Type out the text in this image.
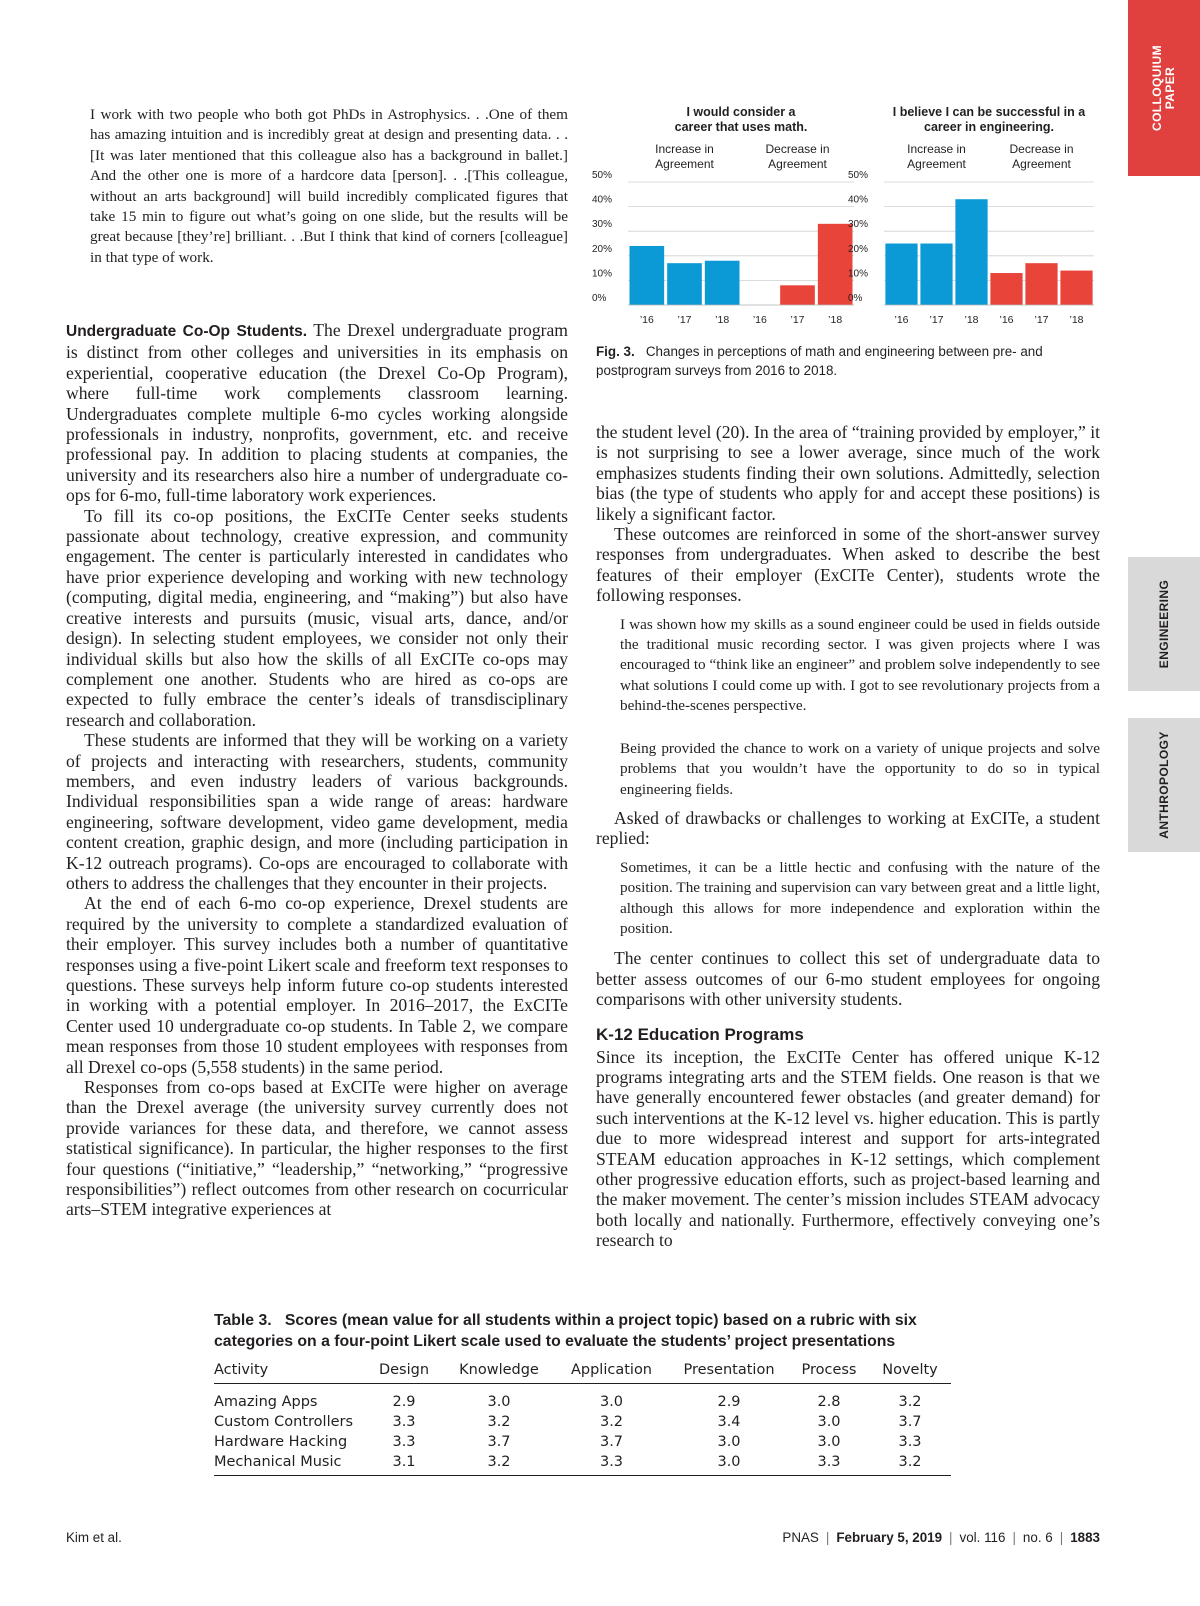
COLLOQUIUM
PAPER
ENGINEERING
ANTHROPOLOGY

I work with two people who both got PhDs in Astrophysics. . .One of them has amazing intuition and is incredibly great at design and presenting data. . .[It was later mentioned that this colleague also has a background in ballet.] And the other one is more of a hardcore data [person]. . .[This colleague, without an arts background] will build incredibly complicated figures that take 15 min to figure out what’s going on one slide, but the results will be great because [they’re] brilliant. . .But I think that kind of corners [colleague] in that type of work.

Undergraduate Co-Op Students. The Drexel undergraduate program is distinct from other colleges and universities in its emphasis on experiential, cooperative education (the Drexel Co-Op Program), where full-time work complements classroom learning. Undergraduates complete multiple 6-mo cycles working alongside professionals in industry, nonprofits, government, etc. and receive professional pay. In addition to placing students at companies, the university and its researchers also hire a number of undergraduate co-ops for 6-mo, full-time laboratory work experiences.

To fill its co-op positions, the ExCITe Center seeks students passionate about technology, creative expression, and community engagement. The center is particularly interested in candidates who have prior experience developing and working with new technology (computing, digital media, engineering, and “making”) but also have creative interests and pursuits (music, visual arts, dance, and/or design). In selecting student employees, we consider not only their individual skills but also how the skills of all ExCITe co-ops may complement one another. Students who are hired as co-ops are expected to fully embrace the center’s ideals of transdisciplinary research and collaboration.

These students are informed that they will be working on a variety of projects and interacting with researchers, students, community members, and even industry leaders of various backgrounds. Individual responsibilities span a wide range of areas: hardware engineering, software development, video game development, media content creation, graphic design, and more (including participation in K-12 outreach programs). Co-ops are encouraged to collaborate with others to address the challenges that they encounter in their projects.

At the end of each 6-mo co-op experience, Drexel students are required by the university to complete a standardized evaluation of their employer. This survey includes both a number of quantitative responses using a five-point Likert scale and freeform text responses to questions. These surveys help inform future co-op students interested in working with a potential employer. In 2016–2017, the ExCITe Center used 10 undergraduate co-op students. In Table 2, we compare mean responses from those 10 student employees with responses from all Drexel co-ops (5,558 students) in the same period.

Responses from co-ops based at ExCITe were higher on average than the Drexel average (the university survey currently does not provide variances for these data, and therefore, we cannot assess statistical significance). In particular, the higher responses to the first four questions (“initiative,” “leadership,” “networking,” “progressive responsibilities”) reflect outcomes from other research on cocurricular arts–STEM integrative experiences at

I would consider a
career that uses math.
Increase in
Agreement
Decrease in
Agreement
0%
10%
20%
30%
40%
50%
’16 ’17 ’18 ’16 ’17 ’18
I believe I can be successful in a
career in engineering.
Increase in
Agreement
Decrease in
Agreement
0%
10%
20%
30%
40%
50%
’16 ’17 ’18 ’16 ’17 ’18
Fig. 3. Changes in perceptions of math and engineering between pre- and postprogram surveys from 2016 to 2018.

the student level (20). In the area of “training provided by employer,” it is not surprising to see a lower average, since much of the work emphasizes students finding their own solutions. Admittedly, selection bias (the type of students who apply for and accept these positions) is likely a significant factor.

These outcomes are reinforced in some of the short-answer survey responses from undergraduates. When asked to describe the best features of their employer (ExCITe Center), students wrote the following responses.

I was shown how my skills as a sound engineer could be used in fields outside the traditional music recording sector. I was given projects where I was encouraged to “think like an engineer” and problem solve independently to see what solutions I could come up with. I got to see revolutionary projects from a behind-the-scenes perspective.

Being provided the chance to work on a variety of unique projects and solve problems that you wouldn’t have the opportunity to do so in typical engineering fields.

Asked of drawbacks or challenges to working at ExCITe, a student replied:

Sometimes, it can be a little hectic and confusing with the nature of the position. The training and supervision can vary between great and a little light, although this allows for more independence and exploration within the position.

The center continues to collect this set of undergraduate data to better assess outcomes of our 6-mo student employees for ongoing comparisons with other university students.

K-12 Education Programs

Since its inception, the ExCITe Center has offered unique K-12 programs integrating arts and the STEM fields. One reason is that we have generally encountered fewer obstacles (and greater demand) for such interventions at the K-12 level vs. higher education. This is partly due to more widespread interest and support for arts-integrated STEAM education approaches in K-12 settings, which complement other progressive education efforts, such as project-based learning and the maker movement. The center’s mission includes STEAM advocacy both locally and nationally. Furthermore, effectively conveying one’s research to

Table 3. Scores (mean value for all students within a project topic) based on a rubric with six categories on a four-point Likert scale used to evaluate the students’ project presentations

Activity	Design	Knowledge	Application	Presentation	Process	Novelty
Amazing Apps	2.9	3.0	3.0	2.9	2.8	3.2
Custom Controllers	3.3	3.2	3.2	3.4	3.0	3.7
Hardware Hacking	3.3	3.7	3.7	3.0	3.0	3.3
Mechanical Music	3.1	3.2	3.3	3.0	3.3	3.2
Kim et al.	PNAS | February 5, 2019 | vol. 116 | no. 6 | 1883
